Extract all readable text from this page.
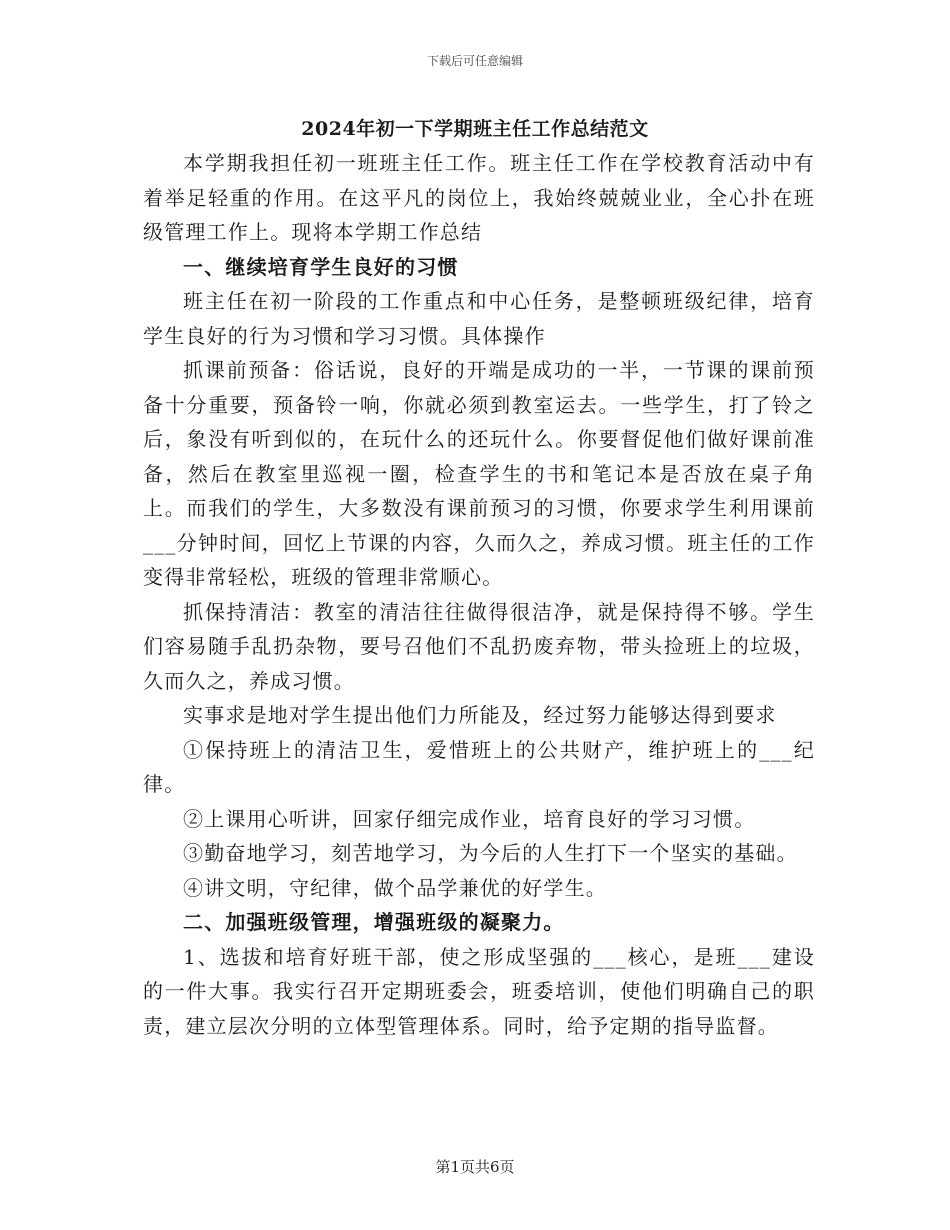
下载后可任意编辑
2024年初一下学期班主任工作总结范文

本学期我担任初一班班主任工作。班主任工作在学校教育活动中有着举足轻重的作用。在这平凡的岗位上，我始终兢兢业业，全心扑在班级管理工作上。现将本学期工作总结

一、继续培育学生良好的习惯

班主任在初一阶段的工作重点和中心任务，是整顿班级纪律，培育学生良好的行为习惯和学习习惯。具体操作

抓课前预备：俗话说，良好的开端是成功的一半，一节课的课前预备十分重要，预备铃一响，你就必须到教室运去。一些学生，打了铃之后，象没有听到似的，在玩什么的还玩什么。你要督促他们做好课前准备，然后在教室里巡视一圈，检查学生的书和笔记本是否放在桌子角上。而我们的学生，大多数没有课前预习的习惯，你要求学生利用课前___分钟时间，回忆上节课的内容，久而久之，养成习惯。班主任的工作变得非常轻松，班级的管理非常顺心。

抓保持清洁：教室的清洁往往做得很洁净，就是保持得不够。学生们容易随手乱扔杂物，要号召他们不乱扔废弃物，带头捡班上的垃圾，久而久之，养成习惯。

实事求是地对学生提出他们力所能及，经过努力能够达得到要求

①保持班上的清洁卫生，爱惜班上的公共财产，维护班上的___纪律。

②上课用心听讲，回家仔细完成作业，培育良好的学习习惯。

③勤奋地学习，刻苦地学习，为今后的人生打下一个坚实的基础。

④讲文明，守纪律，做个品学兼优的好学生。

二、加强班级管理，增强班级的凝聚力。

1、选拔和培育好班干部，使之形成坚强的___核心，是班___建设的一件大事。我实行召开定期班委会，班委培训，使他们明确自己的职责，建立层次分明的立体型管理体系。同时，给予定期的指导监督。

第1页共6页
